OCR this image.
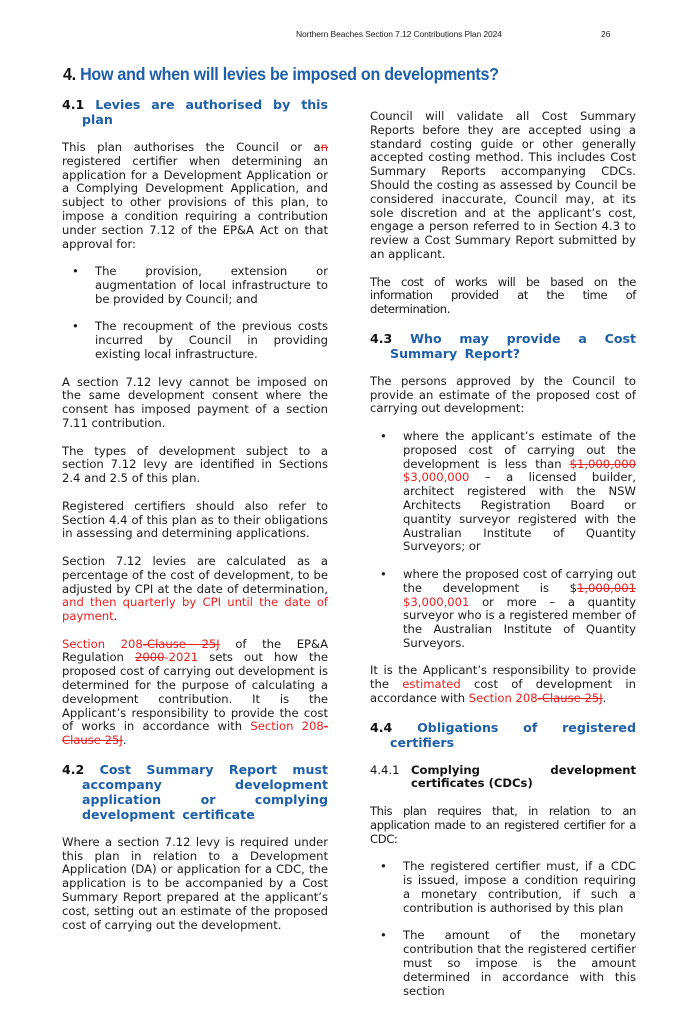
Northern Beaches Section 7.12 Contributions Plan 2024	26
4. How and when will levies be imposed on developments?
4.1 Levies are authorised by this plan

This plan authorises the Council or an registered certifier when determining an application for a Development Application or a Complying Development Application, and subject to other provisions of this plan, to impose a condition requiring a contribution under section 7.12 of the EP&A Act on that approval for:

• The provision, extension or augmentation of local infrastructure to be provided by Council; and
• The recoupment of the previous costs incurred by Council in providing existing local infrastructure.

A section 7.12 levy cannot be imposed on the same development consent where the consent has imposed payment of a section 7.11 contribution.

The types of development subject to a section 7.12 levy are identified in Sections 2.4 and 2.5 of this plan.

Registered certifiers should also refer to Section 4.4 of this plan as to their obligations in assessing and determining applications.

Section 7.12 levies are calculated as a percentage of the cost of development, to be adjusted by CPI at the date of determination, and then quarterly by CPI until the date of payment.

Section 208-Clause 25J of the EP&A Regulation 2000-2021 sets out how the proposed cost of carrying out development is determined for the purpose of calculating a development contribution. It is the Applicant’s responsibility to provide the cost of works in accordance with Section 208-Clause 25J.

4.2 Cost Summary Report must accompany development application or complying development certificate

Where a section 7.12 levy is required under this plan in relation to a Development Application (DA) or application for a CDC, the application is to be accompanied by a Cost Summary Report prepared at the applicant’s cost, setting out an estimate of the proposed cost of carrying out the development.

Council will validate all Cost Summary Reports before they are accepted using a standard costing guide or other generally accepted costing method. This includes Cost Summary Reports accompanying CDCs. Should the costing as assessed by Council be considered inaccurate, Council may, at its sole discretion and at the applicant’s cost, engage a person referred to in Section 4.3 to review a Cost Summary Report submitted by an applicant.

The cost of works will be based on the information provided at the time of determination.

4.3 Who may provide a Cost Summary Report?

The persons approved by the Council to provide an estimate of the proposed cost of carrying out development:

• where the applicant’s estimate of the proposed cost of carrying out the development is less than $1,000,000 $3,000,000 – a licensed builder, architect registered with the NSW Architects Registration Board or quantity surveyor registered with the Australian Institute of Quantity Surveyors; or
• where the proposed cost of carrying out the development is $1,000,001 $3,000,001 or more – a quantity surveyor who is a registered member of the Australian Institute of Quantity Surveyors.

It is the Applicant’s responsibility to provide the estimated cost of development in accordance with Section 208-Clause 25J.

4.4 Obligations of registered certifiers
4.4.1 Complying development certificates (CDCs)

This plan requires that, in relation to an application made to an registered certifier for a CDC:

• The registered certifier must, if a CDC is issued, impose a condition requiring a monetary contribution, if such a contribution is authorised by this plan
• The amount of the monetary contribution that the registered certifier must so impose is the amount determined in accordance with this section
